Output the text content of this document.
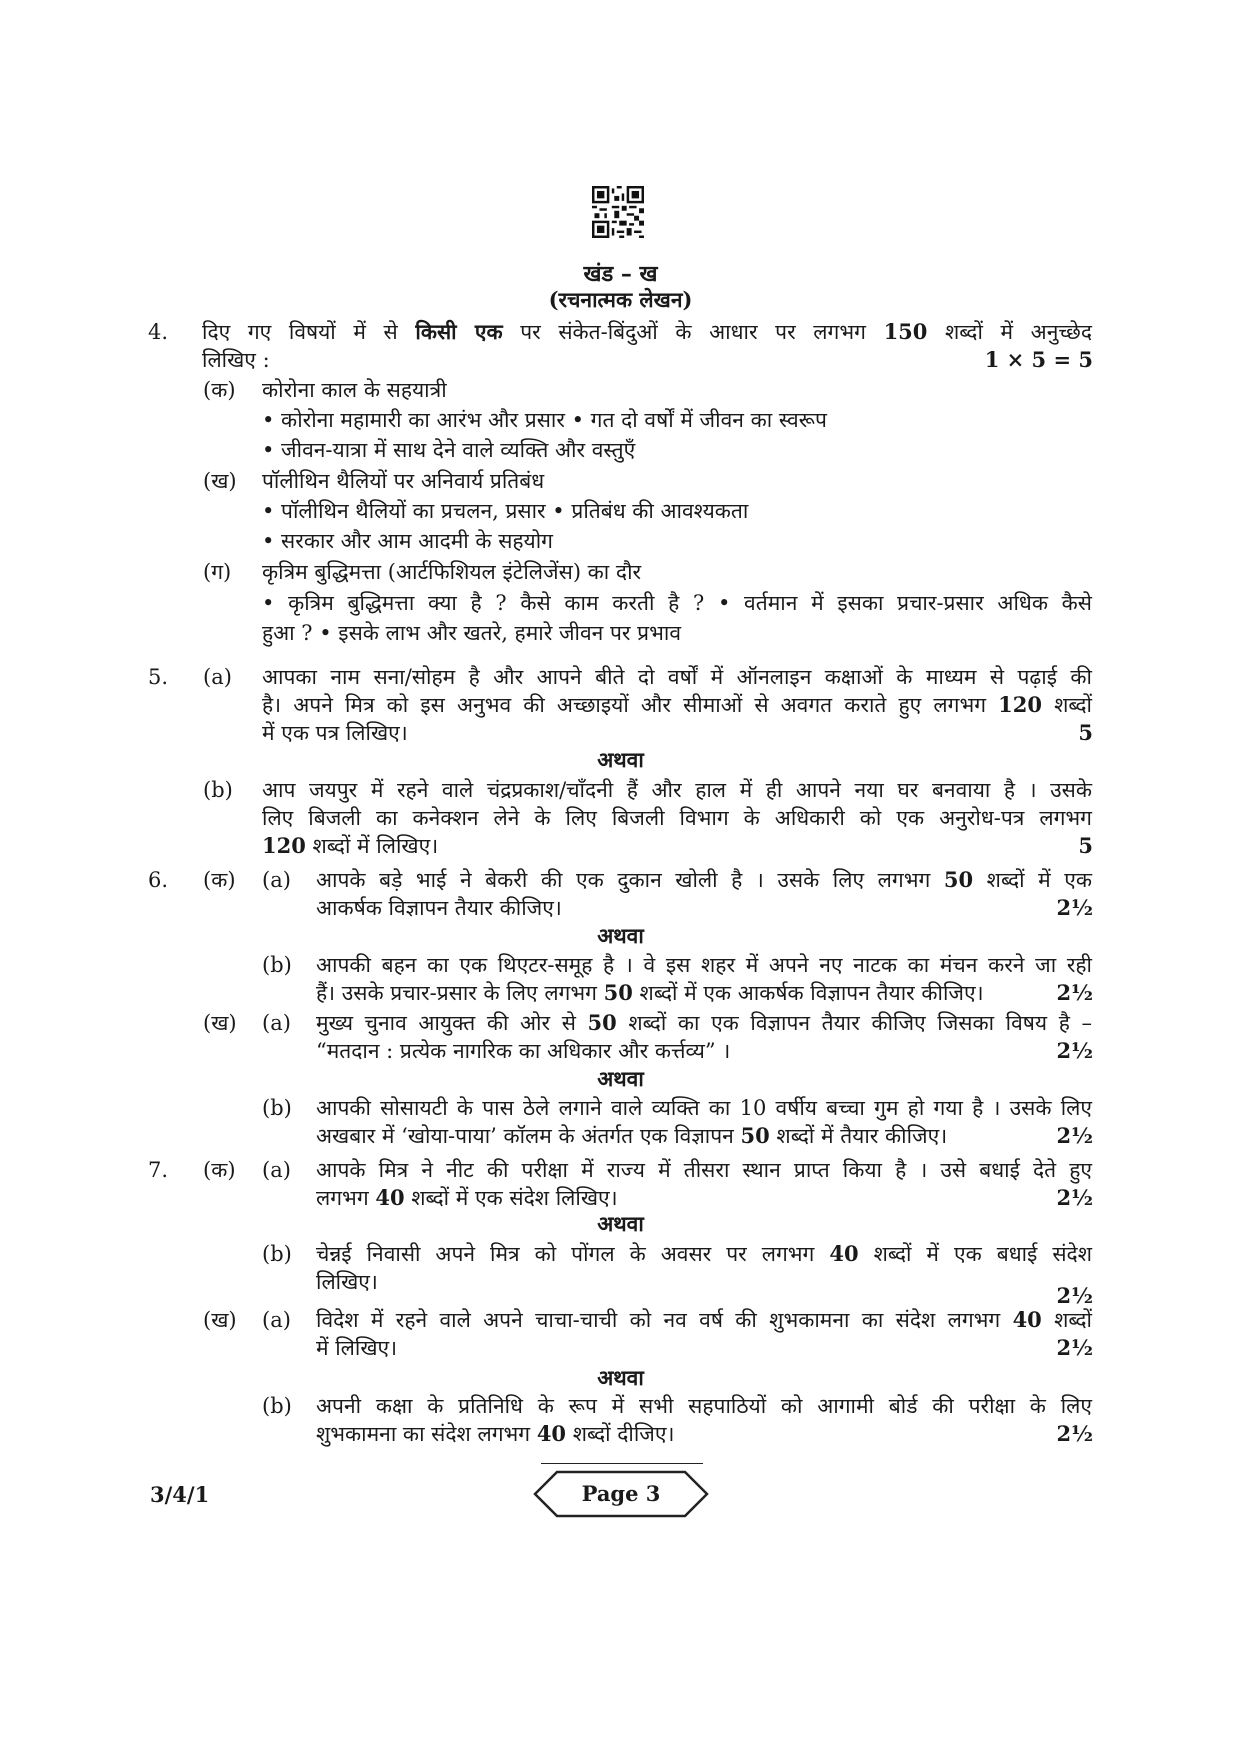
खंड – ख
(रचनात्मक लेखन)
4. दिए गए विषयों में से किसी एक पर संकेत-बिंदुओं के आधार पर लगभग 150 शब्दों में अनुच्छेद
लिखिए :	1 × 5 = 5
(क) कोरोना काल के सहयात्री
• कोरोना महामारी का आरंभ और प्रसार • गत दो वर्षों में जीवन का स्वरूप
• जीवन-यात्रा में साथ देने वाले व्यक्ति और वस्तुएँ
(ख) पॉलीथिन थैलियों पर अनिवार्य प्रतिबंध
• पॉलीथिन थैलियों का प्रचलन, प्रसार • प्रतिबंध की आवश्यकता
• सरकार और आम आदमी के सहयोग
(ग) कृत्रिम बुद्धिमत्ता (आर्टफिशियल इंटेलिजेंस) का दौर
• कृत्रिम बुद्धिमत्ता क्या है ? कैसे काम करती है ? • वर्तमान में इसका प्रचार-प्रसार अधिक कैसे
हुआ ? • इसके लाभ और खतरे, हमारे जीवन पर प्रभाव
5. (a) आपका नाम सना/सोहम है और आपने बीते दो वर्षों में ऑनलाइन कक्षाओं के माध्यम से पढ़ाई की
है। अपने मित्र को इस अनुभव की अच्छाइयों और सीमाओं से अवगत कराते हुए लगभग 120 शब्दों
में एक पत्र लिखिए।	5
अथवा
(b) आप जयपुर में रहने वाले चंद्रप्रकाश/चाँदनी हैं और हाल में ही आपने नया घर बनवाया है । उसके
लिए बिजली का कनेक्शन लेने के लिए बिजली विभाग के अधिकारी को एक अनुरोध-पत्र लगभग
120 शब्दों में लिखिए।	5
6. (क) (a) आपके बड़े भाई ने बेकरी की एक दुकान खोली है । उसके लिए लगभग 50 शब्दों में एक
आकर्षक विज्ञापन तैयार कीजिए।	2½
अथवा
(b) आपकी बहन का एक थिएटर-समूह है । वे इस शहर में अपने नए नाटक का मंचन करने जा रही
हैं। उसके प्रचार-प्रसार के लिए लगभग 50 शब्दों में एक आकर्षक विज्ञापन तैयार कीजिए।	2½
(ख) (a) मुख्य चुनाव आयुक्त की ओर से 50 शब्दों का एक विज्ञापन तैयार कीजिए जिसका विषय है –
“मतदान : प्रत्येक नागरिक का अधिकार और कर्त्तव्य” ।	2½
अथवा
(b) आपकी सोसायटी के पास ठेले लगाने वाले व्यक्ति का 10 वर्षीय बच्चा गुम हो गया है । उसके लिए
अखबार में ‘खोया-पाया’ कॉलम के अंतर्गत एक विज्ञापन 50 शब्दों में तैयार कीजिए।	2½
7. (क) (a) आपके मित्र ने नीट की परीक्षा में राज्य में तीसरा स्थान प्राप्त किया है । उसे बधाई देते हुए
लगभग 40 शब्दों में एक संदेश लिखिए।	2½
अथवा
(b) चेन्नई निवासी अपने मित्र को पोंगल के अवसर पर लगभग 40 शब्दों में एक बधाई संदेश
लिखिए।
2½
(ख) (a) विदेश में रहने वाले अपने चाचा-चाची को नव वर्ष की शुभकामना का संदेश लगभग 40 शब्दों
में लिखिए।	2½
अथवा
(b) अपनी कक्षा के प्रतिनिधि के रूप में सभी सहपाठियों को आगामी बोर्ड की परीक्षा के लिए
शुभकामना का संदेश लगभग 40 शब्दों दीजिए।	2½
3/4/1	Page 3
